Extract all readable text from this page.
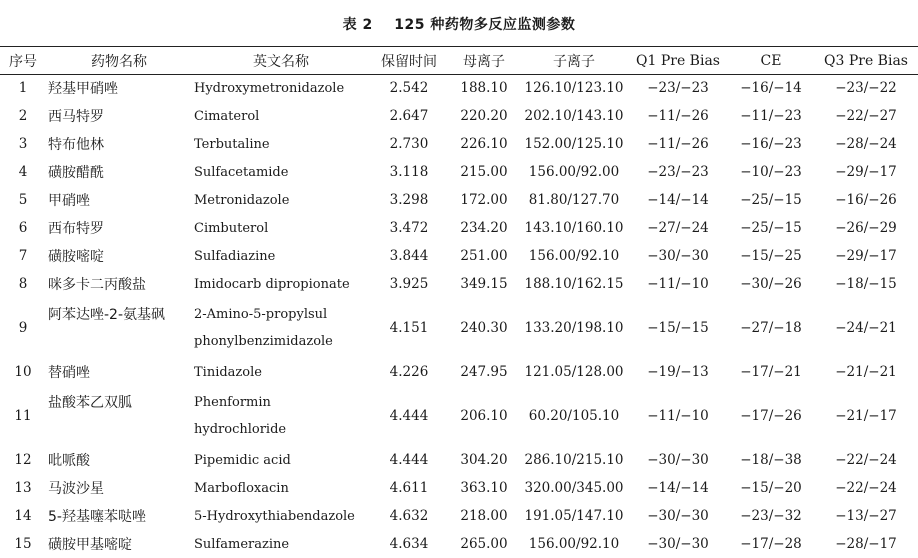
表 2 125 种药物多反应监测参数
序号	药物名称	英文名称	保留时间	母离子	子离子	Q1 Pre Bias	CE	Q3 Pre Bias
1	羟基甲硝唑	Hydroxymetronidazole	2.542	188.10	126.10/123.10	−23/−23	−16/−14	−23/−22
2	西马特罗	Cimaterol	2.647	220.20	202.10/143.10	−11/−26	−11/−23	−22/−27
3	特布他林	Terbutaline	2.730	226.10	152.00/125.10	−11/−26	−16/−23	−28/−24
4	磺胺醋酰	Sulfacetamide	3.118	215.00	156.00/92.00	−23/−23	−10/−23	−29/−17
5	甲硝唑	Metronidazole	3.298	172.00	81.80/127.70	−14/−14	−25/−15	−16/−26
6	西布特罗	Cimbuterol	3.472	234.20	143.10/160.10	−27/−24	−25/−15	−26/−29
7	磺胺嘧啶	Sulfadiazine	3.844	251.00	156.00/92.10	−30/−30	−15/−25	−29/−17
8	咪多卡二丙酸盐	Imidocarb dipropionate	3.925	349.15	188.10/162.15	−11/−10	−30/−26	−18/−15
9	阿苯达唑-2-氨基砜	2-Amino-5-propylsul
phonylbenzimidazole	4.151	240.30	133.20/198.10	−15/−15	−27/−18	−24/−21
10	替硝唑	Tinidazole	4.226	247.95	121.05/128.00	−19/−13	−17/−21	−21/−21
11	盐酸苯乙双胍	Phenformin
hydrochloride	4.444	206.10	60.20/105.10	−11/−10	−17/−26	−21/−17
12	吡哌酸	Pipemidic acid	4.444	304.20	286.10/215.10	−30/−30	−18/−38	−22/−24
13	马波沙星	Marbofloxacin	4.611	363.10	320.00/345.00	−14/−14	−15/−20	−22/−24
14	5-羟基噻苯哒唑	5-Hydroxythiabendazole	4.632	218.00	191.05/147.10	−30/−30	−23/−32	−13/−27
15	磺胺甲基嘧啶	Sulfamerazine	4.634	265.00	156.00/92.10	−30/−30	−17/−28	−28/−17
